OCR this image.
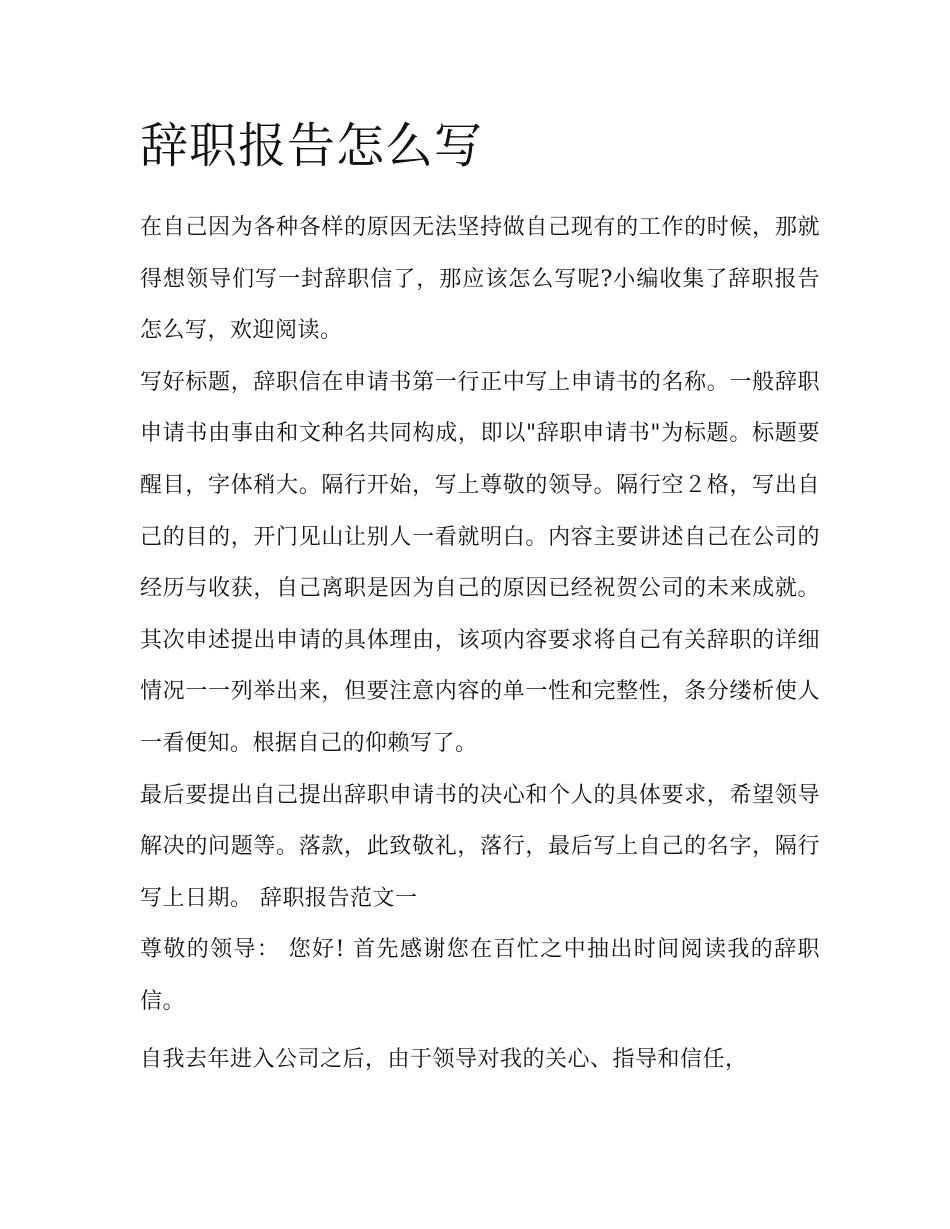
辞职报告怎么写

在自己因为各种各样的原因无法坚持做自己现有的工作的时候，那就得想领导们写一封辞职信了，那应该怎么写呢?小编收集了辞职报告怎么写，欢迎阅读。

写好标题，辞职信在申请书第一行正中写上申请书的名称。一般辞职申请书由事由和文种名共同构成，即以"辞职申请书"为标题。标题要醒目，字体稍大。隔行开始，写上尊敬的领导。隔行空２格，写出自己的目的，开门见山让别人一看就明白。内容主要讲述自己在公司的经历与收获，自己离职是因为自己的原因已经祝贺公司的未来成就。其次申述提出申请的具体理由，该项内容要求将自己有关辞职的详细情况一一列举出来，但要注意内容的单一性和完整性，条分缕析使人一看便知。根据自己的仰赖写了。

最后要提出自己提出辞职申请书的决心和个人的具体要求，希望领导解决的问题等。落款，此致敬礼，落行，最后写上自己的名字，隔行写上日期。 辞职报告范文一

尊敬的领导： 您好! 首先感谢您在百忙之中抽出时间阅读我的辞职信。

自我去年进入公司之后，由于领导对我的关心、指导和信任，
